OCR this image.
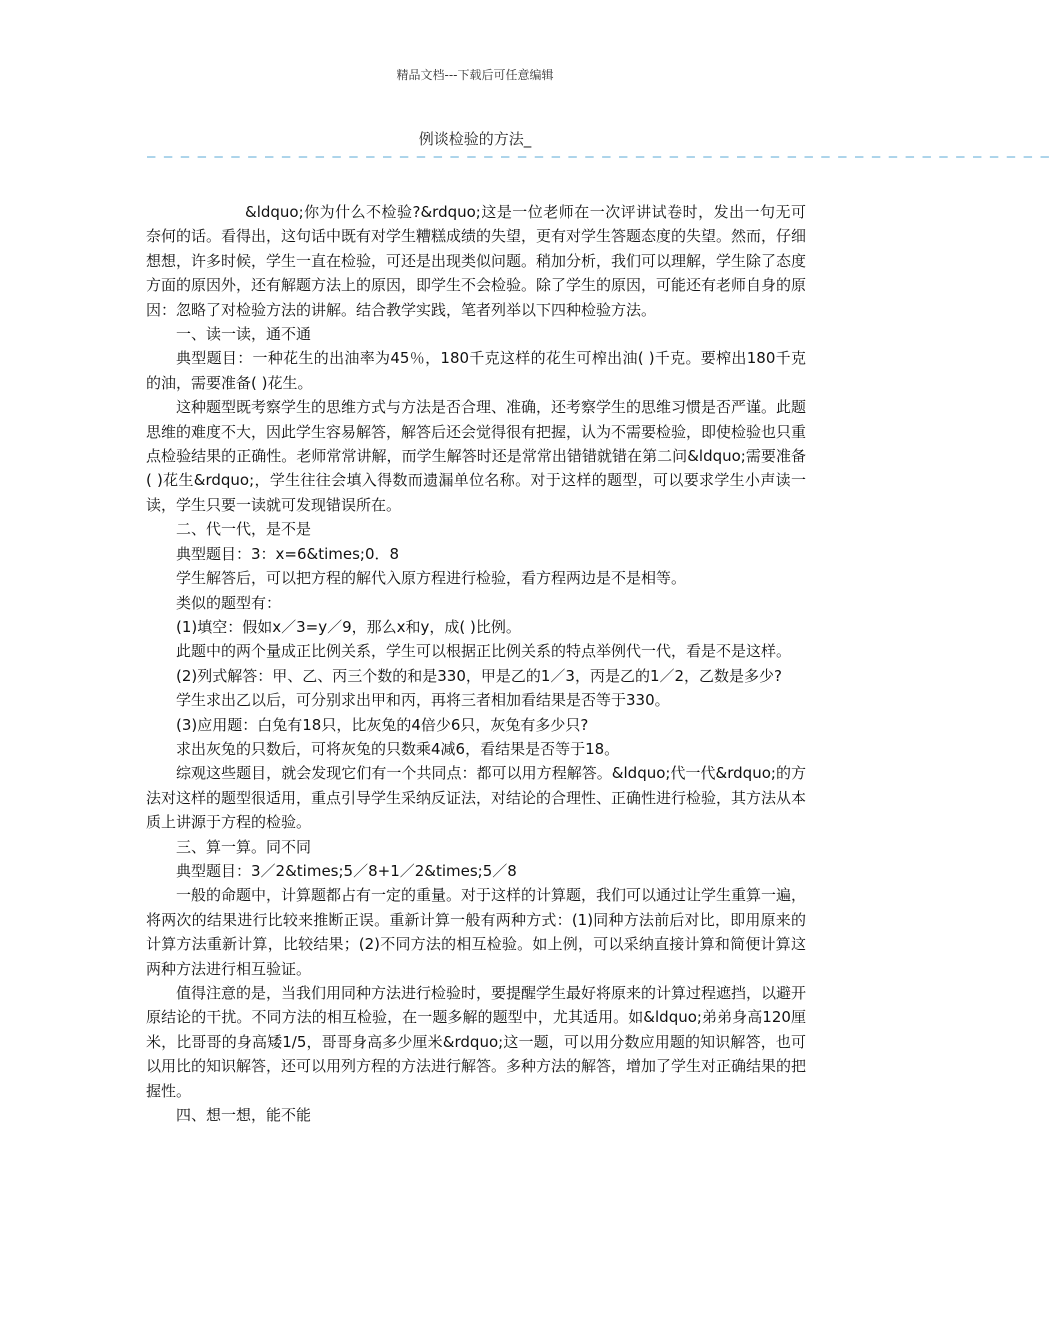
精品文档---下载后可任意编辑
例谈检验的方法_
— — — — — — — — — — — — — — — — — — — — — — — — — — — — — — — — — — — — — — — — — — — — — — — — — — — — — —

&ldquo;你为什么不检验?&rdquo;这是一位老师在一次评讲试卷时，发出一句无可奈何的话。看得出，这句话中既有对学生糟糕成绩的失望，更有对学生答题态度的失望。然而，仔细想想，许多时候，学生一直在检验，可还是出现类似问题。稍加分析，我们可以理解，学生除了态度方面的原因外，还有解题方法上的原因，即学生不会检验。除了学生的原因，可能还有老师自身的原因：忽略了对检验方法的讲解。结合教学实践，笔者列举以下四种检验方法。

一、读一读，通不通

典型题目：一种花生的出油率为45％，180千克这样的花生可榨出油( )千克。要榨出180千克的油，需要准备( )花生。

这种题型既考察学生的思维方式与方法是否合理、准确，还考察学生的思维习惯是否严谨。此题思维的难度不大，因此学生容易解答，解答后还会觉得很有把握，认为不需要检验，即使检验也只重点检验结果的正确性。老师常常讲解，而学生解答时还是常常出错错就错在第二问&ldquo;需要准备( )花生&rdquo;，学生往往会填入得数而遗漏单位名称。对于这样的题型，可以要求学生小声读一读，学生只要一读就可发现错误所在。

二、代一代，是不是

典型题目：3：x=6&times;0．8

学生解答后，可以把方程的解代入原方程进行检验，看方程两边是不是相等。

类似的题型有：

(1)填空：假如x／3=y／9，那么x和y，成( )比例。

此题中的两个量成正比例关系，学生可以根据正比例关系的特点举例代一代，看是不是这样。

(2)列式解答：甲、乙、丙三个数的和是330，甲是乙的1／3，丙是乙的1／2，乙数是多少?

学生求出乙以后，可分别求出甲和丙，再将三者相加看结果是否等于330。

(3)应用题：白兔有18只，比灰兔的4倍少6只，灰兔有多少只?

求出灰兔的只数后，可将灰兔的只数乘4减6，看结果是否等于18。

综观这些题目，就会发现它们有一个共同点：都可以用方程解答。&ldquo;代一代&rdquo;的方法对这样的题型很适用，重点引导学生采纳反证法，对结论的合理性、正确性进行检验，其方法从本质上讲源于方程的检验。

三、算一算。同不同

典型题目：3／2&times;5／8+1／2&times;5／8

一般的命题中，计算题都占有一定的重量。对于这样的计算题，我们可以通过让学生重算一遍，将两次的结果进行比较来推断正误。重新计算一般有两种方式：(1)同种方法前后对比，即用原来的计算方法重新计算，比较结果；(2)不同方法的相互检验。如上例，可以采纳直接计算和简便计算这两种方法进行相互验证。

值得注意的是，当我们用同种方法进行检验时，要提醒学生最好将原来的计算过程遮挡，以避开原结论的干扰。不同方法的相互检验，在一题多解的题型中，尤其适用。如&ldquo;弟弟身高120厘米，比哥哥的身高矮1/5，哥哥身高多少厘米&rdquo;这一题，可以用分数应用题的知识解答，也可以用比的知识解答，还可以用列方程的方法进行解答。多种方法的解答，增加了学生对正确结果的把握性。

四、想一想，能不能
